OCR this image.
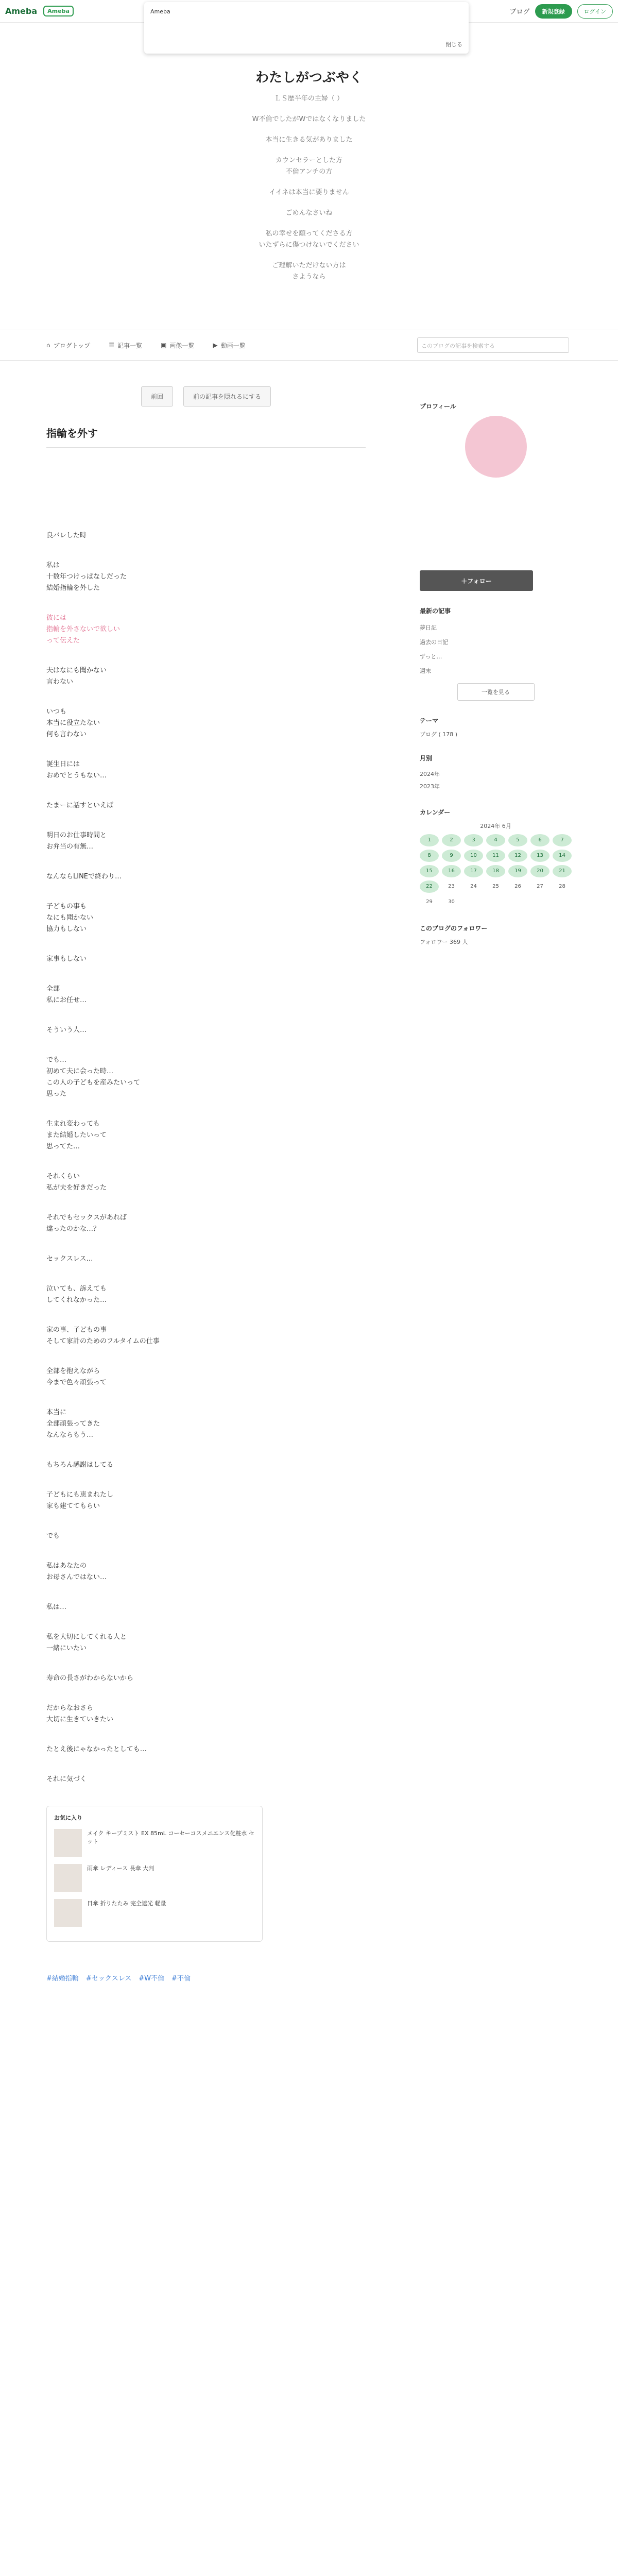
Ameba	Ameba	ブログ	新規登録	ログイン
Ameba
閉じる
わたしがつぶやく

ＬＳ歴半年の主婦（ ）

W不倫でしたがWではなくなりました

本当に生きる気がありました

カウンセラーとした方
不倫アンチの方

イイネは本当に要りません

ごめんなさいね

私の幸せを願ってくださる方
いたずらに傷つけないでください

ご理解いただけない方は
さようなら

⌂ ブログトップ	☰ 記事一覧	▣ 画像一覧	▶ 動画一覧	このブログの記事を検索する
前回	前の記事を隠れるにする
指輪を外す

良バレした時

私は
十数年つけっぱなしだった
結婚指輪を外した

彼には
指輪を外さないで欲しい
って伝えた

夫はなにも聞かない
言わない

いつも
本当に役立たない
何も言わない

誕生日には
おめでとうもない…

たまーに話すといえば

明日のお仕事時間と
お弁当の有無…

なんならLINEで終わり…

子どもの事も
なにも聞かない
協力もしない

家事もしない

全部
私にお任せ…

そういう人…

でも…
初めて夫に会った時…
この人の子どもを産みたいって
思った

生まれ変わっても
また結婚したいって
思ってた…

それくらい
私が夫を好きだった

それでもセックスがあれば
違ったのかな…？

セックスレス…

泣いても、訴えても
してくれなかった…

家の事、子どもの事
そして家計のためのフルタイムの仕事

全部を抱えながら
今まで色々頑張って

本当に
全部頑張ってきた
なんならもう…

もちろん感謝はしてる

子どもにも恵まれたし
家も建ててもらい

でも

私はあなたの
お母さんではない…

私は…

私を大切にしてくれる人と
一緒にいたい

寿命の長さがわからないから

だからなおさら
大切に生きていきたい

たとえ後にゃなかったとしても…

それに気づく

お気に入り
メイク キープミスト EX 85mL コーセーコスメニエンス化粧水 セット
雨傘 レディース 長傘 大判
日傘 折りたたみ 完全遮光 軽量
#結婚指輪 #セックスレス #W不倫 #不倫
プロフィール
＋フォロー
最新の記事
夢日記
過去の日記
ずっと…
週末
一覧を見る
テーマ
ブログ ( 178 )
月別
2024年
2023年
カレンダー
2024年 6月
1	2	3	4	5	6	7
8	9	10	11	12	13	14
15	16	17	18	19	20	21
22	23	24	25	26	27	28
29	30
このブログのフォロワー
フォロワー 369 人
